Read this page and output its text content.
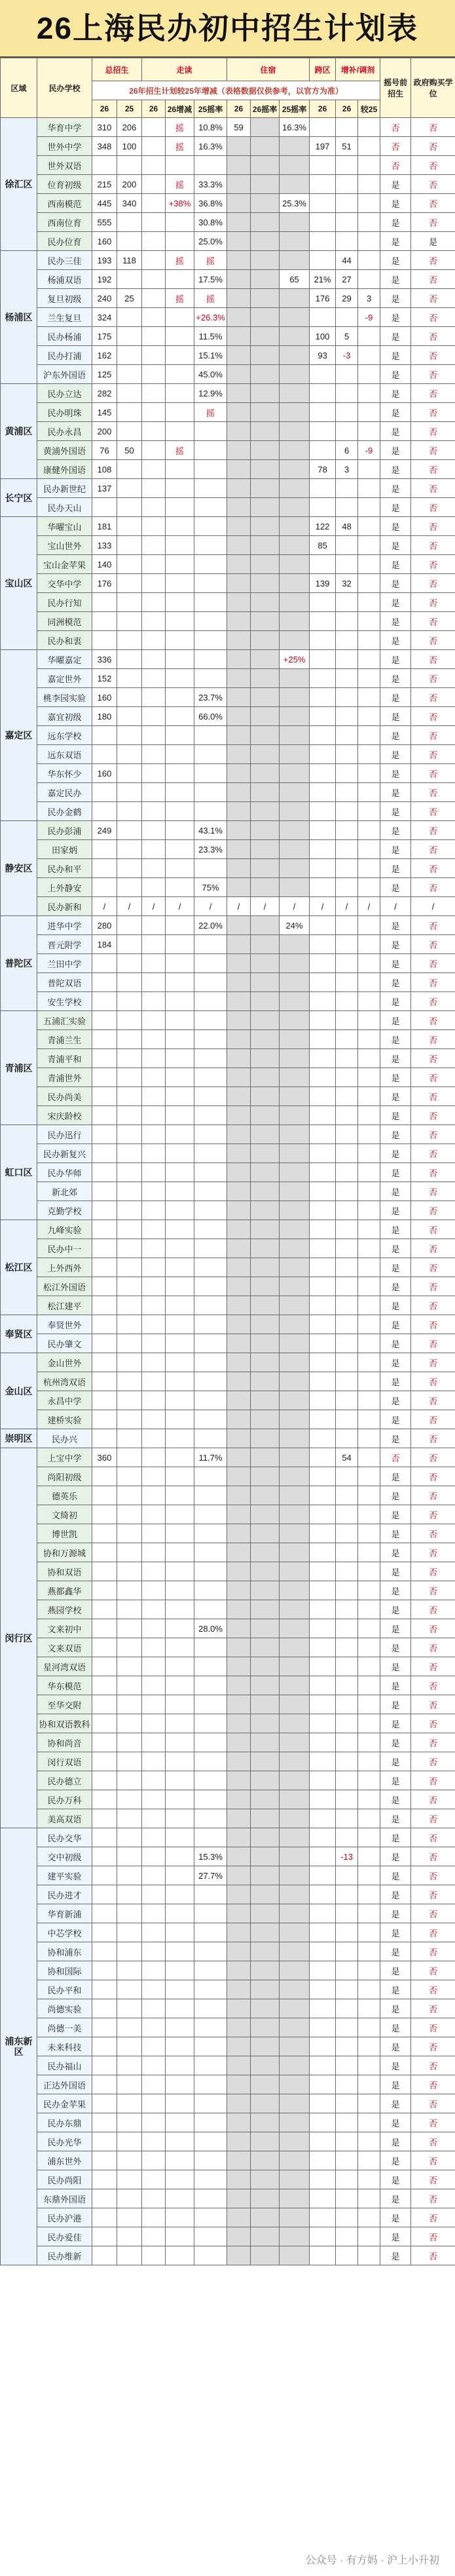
26上海民办初中招生计划表
区域	民办学校	总招生		走读			住宿			跨区	增补/调剂		摇号前招生	政府购买学位
		26年招生计划较25年增减（表格数据仅供参考，以官方为准）												
		26	25	26	26增减	25摇率	26	26摇率	25摇率	26	26	较25		
徐汇区	华育中学	310	206		摇	10.8%	59		16.3%				否	否
	世外中学	348	100		摇	16.3%				197	51		否	否
	世外双语												否	否
	位育初级	215	200		摇	33.3%							是	否
	西南模范	445	340		+38%	36.8%			25.3%				是	否
	西南位育	555				30.8%							是	否
	民办位育	160				25.0%							是	是
杨浦区	民办三佳	193	118		摇	摇					44		是	否
	杨浦双语	192				17.5%			65	21%	27		是	否
	复旦初级	240	25		摇	摇				176	29	3	是	否
	兰生复旦	324				+26.3%						-9	是	否
	民办杨浦	175				11.5%				100	5		是	否
	民办打浦	162				15.1%				93	-3		是	否
	沪东外国语	125				45.0%							是	否
黄浦区	民办立达	282				12.9%							是	否
	民办明珠	145				摇							是	否
	民办永昌	200											是	否
	黄浦外国语	76	50		摇						6	-9	是	否
	康健外国语	108								78	3		是	否
长宁区	民办新世纪	137											是	否
	民办天山												是	否
宝山区	华曜宝山	181								122	48		是	否
	宝山世外	133								85			是	否
	宝山金苹果	140											是	否
	交华中学	176								139	32		是	否
	民办行知												是	否
	同洲模范												是	否
	民办和衷												是	否
嘉定区	华曜嘉定	336							+25%				是	否
	嘉定世外	152											是	否
	桃李园实验	160				23.7%							是	否
	嘉宜初级	180				66.0%							是	否
	远东学校												是	否
	远东双语												是	否
	华东怀少	160											是	否
	嘉定民办												是	否
	民办金鹤												是	否
静安区	民办彭浦	249				43.1%							是	否
	田家炳					23.3%							是	否
	民办和平												是	否
	上外静安					75%							是	否
	民办新和	/	/	/	/	/	/	/	/	/	/	/	/	/
普陀区	进华中学	280				22.0%			24%				是	否
	晋元附学	184											是	否
	兰田中学												是	否
	普陀双语												是	否
	安生学校												是	否
青浦区	五浦汇实验												是	否
	青浦兰生												是	否
	青浦平和												是	否
	青浦世外												是	否
	民办尚美												是	否
	宋庆龄校												是	否
虹口区	民办迅行												是	否
	民办新复兴												是	否
	民办华师												是	否
	新北郊												是	否
	克勤学校												是	否
松江区	九峰实验												是	否
	民办中一												是	否
	上外西外												是	否
	松江外国语												是	否
	松江建平												是	否
奉贤区	奉贤世外												是	否
	民办肇文												是	否
金山区	金山世外												是	否
	杭州湾双语												是	否
	永昌中学												是	否
	建桥实验												是	否
崇明区	民办兴												是	否
闵行区	上宝中学	360				11.7%					54		否	否
	尚阳初级												是	否
	德英乐												是	否
	文绮初												是	否
	博世凯												是	否
	协和万源城												是	否
	协和双语												是	否
	燕都鑫华												是	否
	燕园学校												是	否
	文来初中					28.0%							是	否
	文来双语												是	否
	星河湾双语												是	否
	华东模范												是	否
	至华交附												是	否
	协和双语教科												是	否
	协和尚音												是	否
	闵行双语												是	否
	民办德立												是	否
	民办万科												是	否
	美高双语												是	否
浦东新区	民办交华												是	否
	交中初级					15.3%					-13		是	否
	建平实验					27.7%							是	否
	民办进才												是	否
	华育新浦												是	否
	中芯学校												是	否
	协和浦东												是	否
	协和国际												是	否
	民办平和												是	否
	尚德实验												是	否
	尚德一美												是	否
	未来科技												是	否
	民办福山												是	否
	正达外国语												是	否
	民办金苹果												是	否
	民办东鼎												是	否
	民办光华												是	否
	浦东世外												是	否
	民办尚阳												是	否
	东鼎外国语												是	否
	民办沪港												是	否
	民办爱佳												是	否
	民办维新												是	否
公众号 · 有方妈 · 沪上小升初
